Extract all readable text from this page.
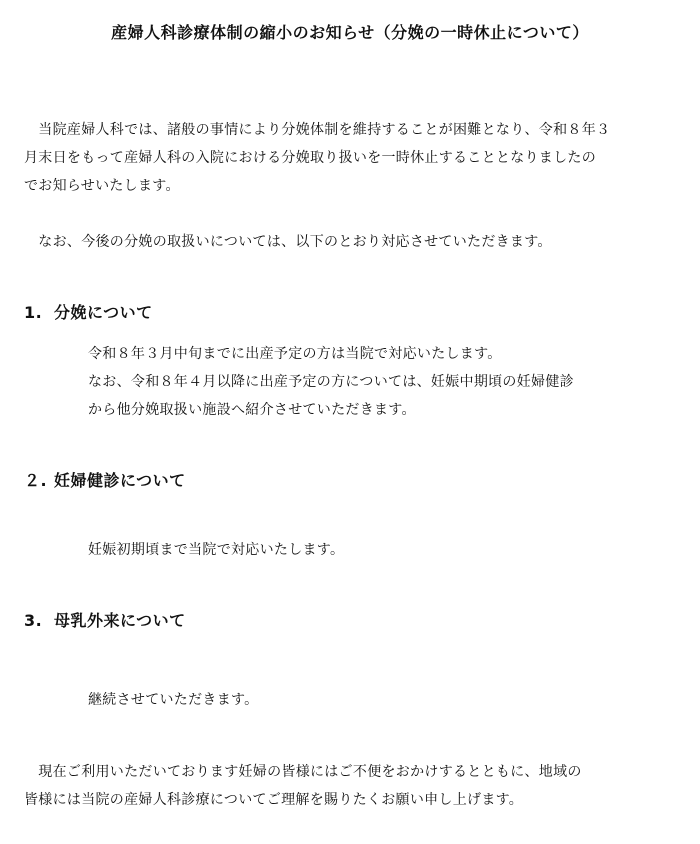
産婦人科診療体制の縮小のお知らせ（分娩の一時休止について）
　当院産婦人科では、諸般の事情により分娩体制を維持することが困難となり、令和８年３
月末日をもって産婦人科の入院における分娩取り扱いを一時休止することとなりましたの
でお知らせいたします。
　なお、今後の分娩の取扱いについては、以下のとおり対応させていただきます。
1. 分娩について
令和８年３月中旬までに出産予定の方は当院で対応いたします。
なお、令和８年４月以降に出産予定の方については、妊娠中期頃の妊婦健診
から他分娩取扱い施設へ紹介させていただきます。
２. 妊婦健診について
妊娠初期頃まで当院で対応いたします。
3. 母乳外来について
継続させていただきます。
　現在ご利用いただいております妊婦の皆様にはご不便をおかけするとともに、地域の
皆様には当院の産婦人科診療についてご理解を賜りたくお願い申し上げます。
